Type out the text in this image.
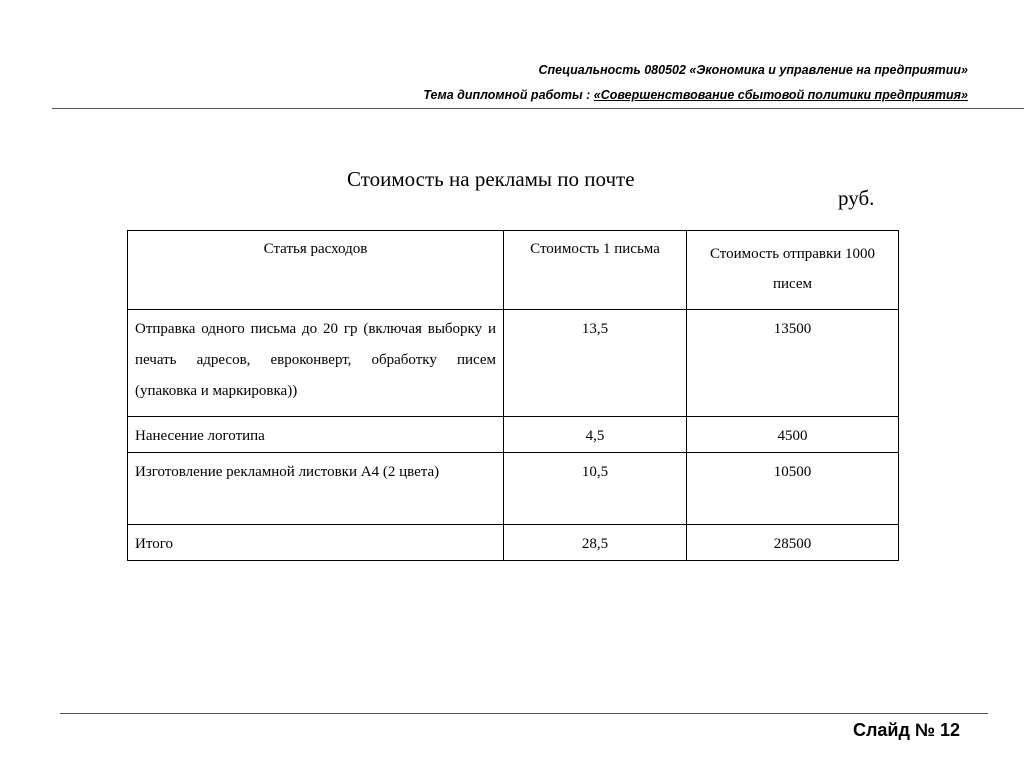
Специальность 080502 «Экономика и управление на предприятии»
Тема дипломной работы : «Совершенствование сбытовой политики предприятия»
Стоимость на рекламы по почте
руб.
Статья расходов	Стоимость 1 письма	Стоимость отправки 1000 писем
Отправка одного письма до 20 гр (включая выборку и печать адресов, евроконверт, обработку писем (упаковка и маркировка))	13,5	13500
Нанесение логотипа	4,5	4500
Изготовление рекламной листовки А4 (2 цвета)	10,5	10500
Итого	28,5	28500
Слайд № 12
